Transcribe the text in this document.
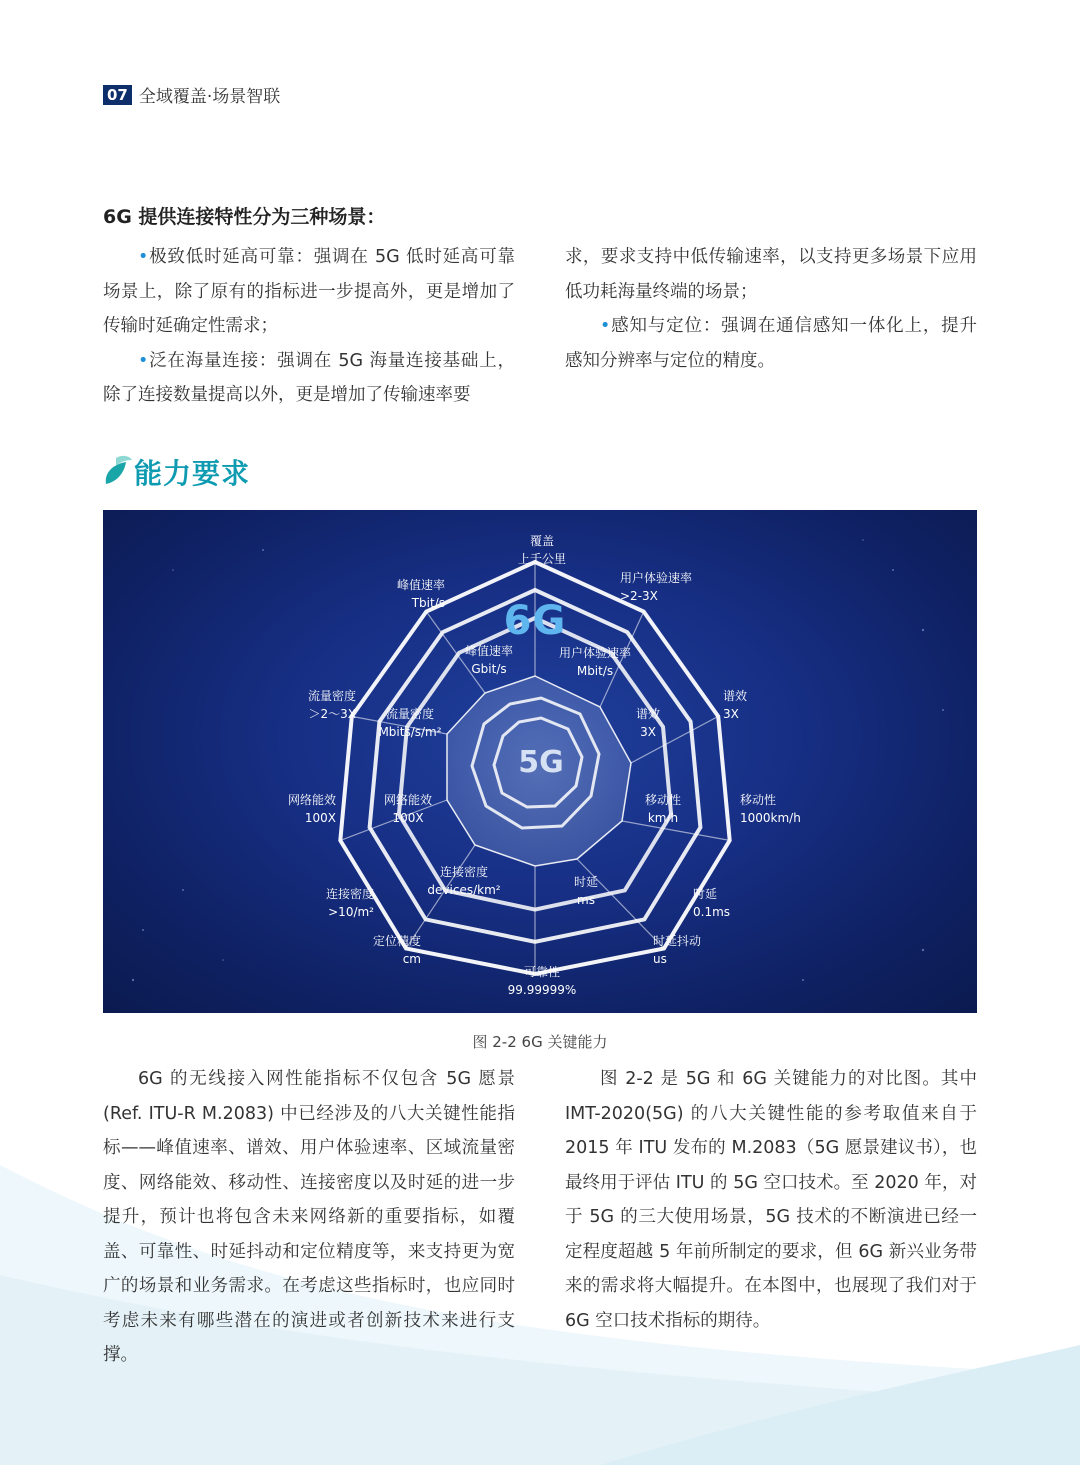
07 全域覆盖·场景智联
6G 提供连接特性分为三种场景：

•极致低时延高可靠：强调在 5G 低时延高可靠场景上，除了原有的指标进一步提高外，更是增加了传输时延确定性需求；

•泛在海量连接：强调在 5G 海量连接基础上，除了连接数量提高以外，更是增加了传输速率要

求，要求支持中低传输速率，以支持更多场景下应用低功耗海量终端的场景；

•感知与定位：强调在通信感知一体化上，提升感知分辨率与定位的精度。

能力要求
6G
5G
覆盖
上千公里
用户体验速率
>2-3X
谱效
3X
移动性
1000km/h
时延
0.1ms
时延抖动
us
可靠性
99.99999%
定位精度
cm
连接密度
>10/m²
网络能效
100X
流量密度
＞2～3X
峰值速率
Tbit/s
峰值速率
Gbit/s
用户体验速率
Mbit/s
谱效
3X
移动性
km/h
时延
ms
连接密度
devices/km²
网络能效
100X
流量密度
Mbits/s/m²
图 2-2 6G 关键能力

6G 的无线接入网性能指标不仅包含 5G 愿景 (Ref. ITU-R M.2083) 中已经涉及的八大关键性能指标——峰值速率、谱效、用户体验速率、区域流量密度、网络能效、移动性、连接密度以及时延的进一步提升，预计也将包含未来网络新的重要指标，如覆盖、可靠性、时延抖动和定位精度等，来支持更为宽广的场景和业务需求。在考虑这些指标时，也应同时考虑未来有哪些潜在的演进或者创新技术来进行支撑。

图 2-2 是 5G 和 6G 关键能力的对比图。其中 IMT-2020(5G) 的八大关键性能的参考取值来自于 2015 年 ITU 发布的 M.2083（5G 愿景建议书），也最终用于评估 ITU 的 5G 空口技术。至 2020 年，对于 5G 的三大使用场景，5G 技术的不断演进已经一定程度超越 5 年前所制定的要求，但 6G 新兴业务带来的需求将大幅提升。在本图中，也展现了我们对于 6G 空口技术指标的期待。
